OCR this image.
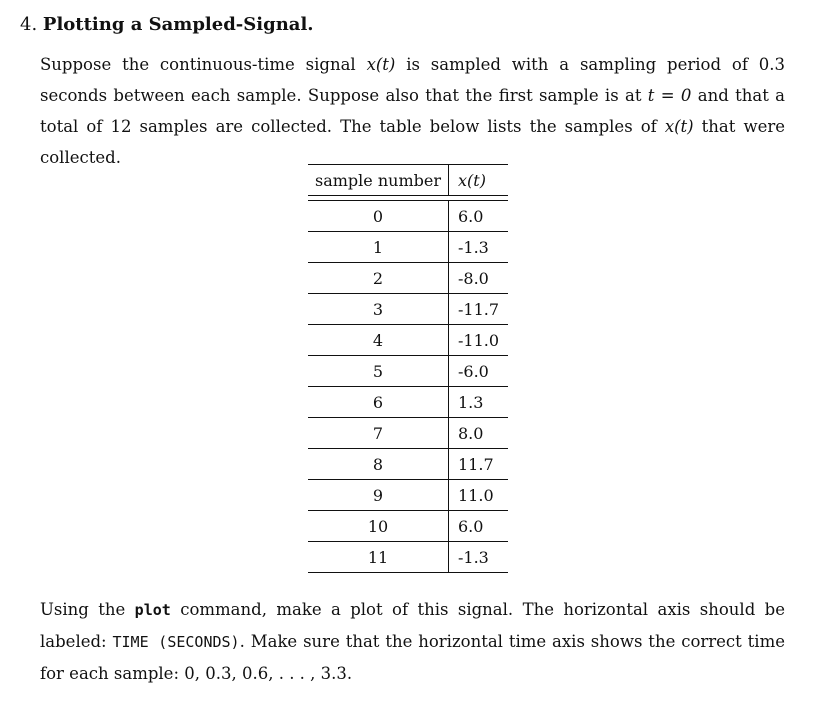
4. Plotting a Sampled-Signal.
Suppose the continuous-time signal x(t) is sampled with a sampling period of 0.3 seconds between each sample. Suppose also that the first sample is at t = 0 and that a total of 12 samples are collected. The table below lists the samples of x(t) that were collected.
sample number	x(t)
0	6.0
1	-1.3
2	-8.0
3	-11.7
4	-11.0
5	-6.0
6	1.3
7	8.0
8	11.7
9	11.0
10	6.0
11	-1.3
Using the plot command, make a plot of this signal. The horizontal axis should be labeled: TIME (SECONDS). Make sure that the horizontal time axis shows the correct time for each sample: 0, 0.3, 0.6, . . . , 3.3.
